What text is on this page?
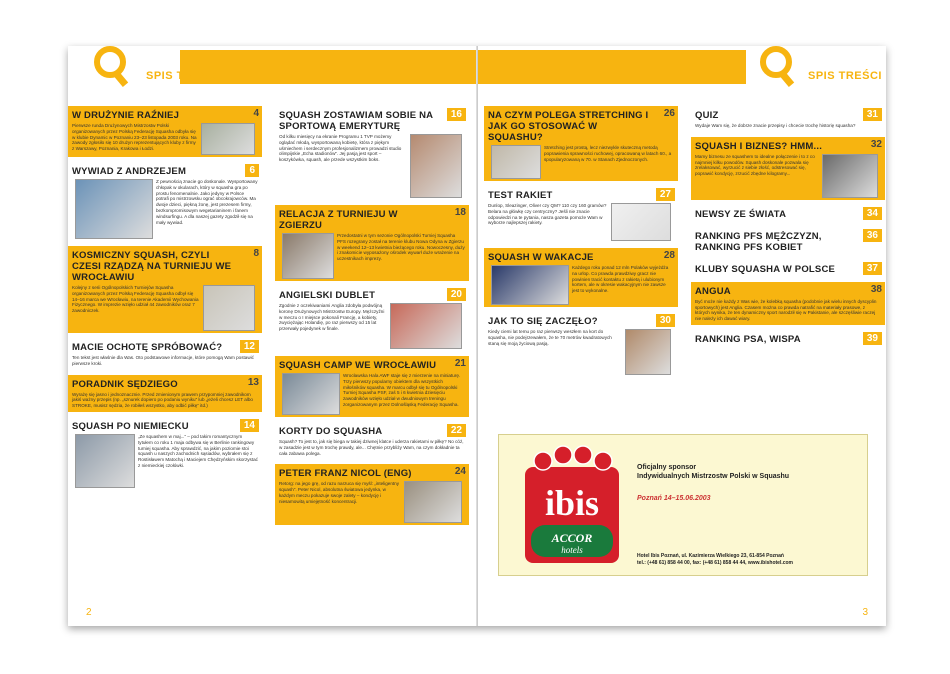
SPIS TREŚCI
4
W DRUŻYNIE RAŹNIEJ

Pierwsze runda Drużynowych Mistrzostw Polski organizowanych przez Polską Federację Squasha odbyła się w klubie Dynamic w Poznaniu 23–23 listopada 2003 roku. Na zawody zgłosiło się 10 drużyn reprezentujących kluby z firmy z Warszawy, Poznania, Krakowa i Łodzi.

6
WYWIAD Z ANDRZEJEM

Z pewnością znacie go doskonale. Wysportowany chłopak w okularach, który w squasha gra po prostu fenomenalnie. Jako jedyny w Polsce potrafi po mistrzowsku ograć obcokrajowców. Ma dwoje dzieci, piękną żonę, jest prezesem firmy, bezkompromisowym wegetarianinem i fanem windsurfingu. A dla naszej gazety zgodził się na mały wywiad.

8
KOSMICZNY SQUASH, CZYLI CZESI RZĄDZĄ NA TURNIEJU WE WROCŁAWIU

Kolejny z serii Ogólnopolskich Turniejów Squasha organizowanych przez Polską Federację Squasha odbył się 14–16 marca we Wrocławiu, na terenie Akademii Wychowania Fizycznego. W imprezie wzięło udział 44 zawodników oraz 7 zawodniczek.

12
MACIE OCHOTĘ SPRÓBOWAĆ?

Ten tekst jest właśnie dla Was. Oto podstawowe informacje, które pomogą Wam postawić pierwsze kroki.

13
PORADNIK SĘDZIEGO

Wyrażę się jasno i jednoznacznie. Przed zmienionym prawem przypomniej zawodnikom jakiś ważny przepis (np. „sznurek dopiero po podaniu wyniku” lub „jeżeli chcesz LET albo STROKE, musisz sędzia, że robiłeś wszystko, aby odbić piłkę” itd.)

14
SQUASH PO NIEMIECKU

„Ze squashem w maj...” – pod takim romantycznym tytułem co roku 1 maja odbywa się w Berlinie rankingowy turniej squasha. Aby sprawdzić, na jakim poziomie stoi squash u naszych zachodnich sąsiadów, wybrałem się z Rostisławem Matochą i Maciejem Chędzyńskim skorzystać z niemieckiej czołówki.

16
SQUASH ZOSTAWIAM SOBIE NA SPORTOWĄ EMERYTURĘ

Od kilku miesięcy na ekranie Programu 1 TVP możemy oglądać młodą, wysportowaną kobietę, która z piękym uśmiechem i serdecznym profesjonalizmem prowadzi studio olimpijskie „Echa stadionów”. Jej pasją jest sport – koszykówka, squash, ale przede wszystkim boks.

18
RELACJA Z TURNIEJU W ZGIERZU

Przedostatni w tym sezonie Ogólnopolski Turniej Squasha PFS rozegrany został na terenie klubu Nowa Odyna w Zgierzu w weekend 12–13 kwietnia bieżącego roku. Nowoczesny, duży i znakomicie wyposażony ośrodek wywarł duże wrażenie na uczestnikach imprezy.

20
ANGIELSKI DUBLET

Zgodnie z oczekiwaniami Anglia zdobyła podwójną koronę Drużynowych Mistrzostw Europy. Mężczyźni w meczu o I miejsce pokonali Francję, a kobiety, zwyciężając Holandię, po raz pierwszy od 15 lat przerwały pojedynek w finale.

21
SQUASH CAMP WE WROCŁAWIU

Wrocławska Hala AWF staje się z mierzenie na miniaturę. Trzy pierwszy popularny obiektem dla wszystkich miłośników squasha. W marcu odbył się tu Ogólnopolski Turniej Squasha PSF, zaś 5 i 6 kwietnia dziesięciu zawodników wzięło udział w dwudniowym treningu zorganizowanym przez Dolnośląską Federację Squasha.

22
KORTY DO SQUASHA

Squash? To jest to, jak się biega w takiej dziwnej klatce i uderza rakietami w piłkę? No cóż, w zasadzie jest w tym trochę prawdy, ale... Chętnie przybliży Wam, na czym dokładnie ta cała zabawa polega.

24
PETER FRANZ NICOL (ENG)

Retorg: na jego grę, od razu narzuca się myśl: „inteligentny squash”. Peter Nicol, absolutna światowa jedynka, w każdym meczu pokazuje swoje zalety – kondycję i niesamowitą umiejętność koncentracji.

2
SPIS TREŚCI
26
NA CZYM POLEGA STRETCHING I JAK GO STOSOWAĆ W SQUASHU?

Stretching jest prostą, lecz niezwykle skuteczną metodą poprawienia sprawności ruchowej, opracowaną w latach 60., a spopularyzowaną w 70. w Stanach Zjednoczonych.

27
TEST RAKIET

Dunlop, Sleazinger, Oliver czy QM? 110 czy 160 gramów? Belara na główkę czy centryczny? Jeśli nie znacie odpowiedzi na te pytania, nasza gazeta pomoże Wam w wyborze najlepszej rakiety.

28
SQUASH W WAKACJE

Każdego roku ponad 12 mln Polaków wyjeżdża na urlop. Co prawda prawdziwy gracz nie powinien tracić kontaktu z rakietą i ulubionym kortem, ale w okresie wakacyjnym nie zawsze jest to wykonalne.

30
JAK TO SIĘ ZACZĘŁO?

Kiedy ciemi lat temu po raz pierwszy weszłem na kort do squasha, nie podejrzewałem, że te 70 metrów kwadratowych staną się moją życiową pasją.

31
QUIZ

Wydaje Wam się, że dobrze znacie przepisy i chcecie trochę historię squasha?

32
SQUASH I BIZNES? HMM...

Mamy biznesu ze squashem to idealne połączenie i to z co najmniej kilku powodów. Squash doskonale pozwala się zrelaksować, wyrzucić z siebie złość, odstresować się, poprawić kondycję, zrzucić zbędne kilogramy...

34
NEWSY ZE ŚWIATA
36
RANKING PFS MĘŻCZYZN, RANKING PFS KOBIET
37
KLUBY SQUASHA W POLSCE
38
ANGUA

Być może nie każdy z Was wie, że kolebką squasha (podobnie jak wielu innych dyscyplin sportowych) jest Anglia. Czasem można co prawda natrafić na materiały prasowe, z których wynika, że ten dynamiczny sport narodził się w Pakistanie, ale szczęśliwie raczej nie należy ich dawać wiary.

39
RANKING PSA, WISPA
ibis
ACCOR
hotels
Oficjalny sponsor
Indywidualnych Mistrzostw Polski w Squashu
Poznań 14–15.06.2003
Hotel Ibis Poznań, ul. Kazimierza Wielkiego 23, 61-854 Poznań
tel.: (+48 61) 858 44 00, fax: (+48 61) 858 44 44, www.ibishotel.com
3
